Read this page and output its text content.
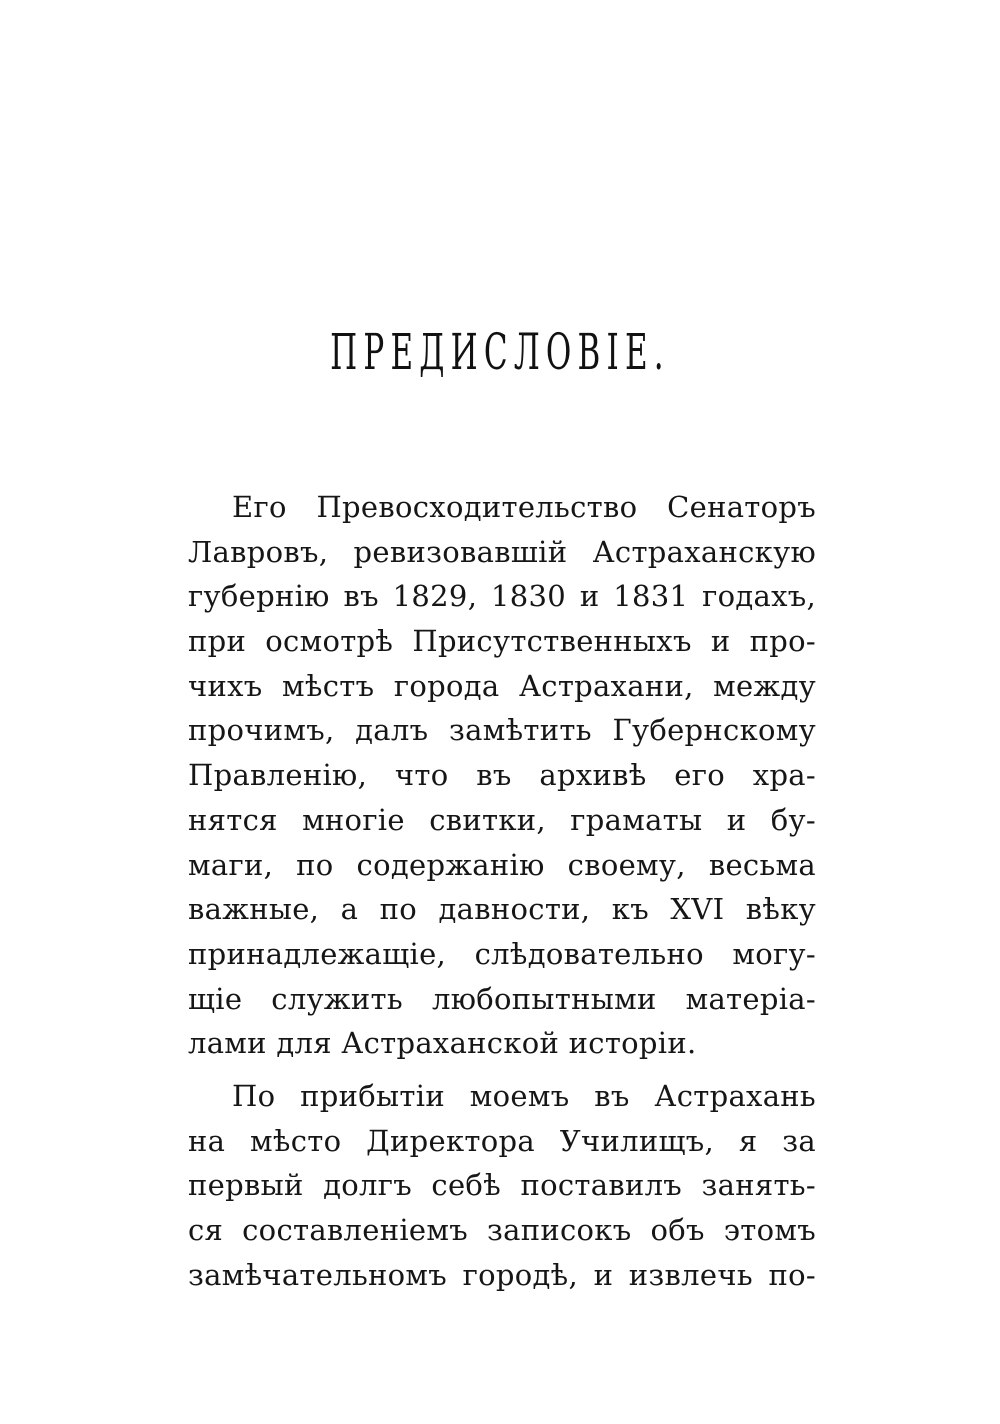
ПРЕДИСЛОВІЕ.
Его Превосходительство Сенаторъ
Лавровъ, ревизовавшій Астраханскую
губернію въ 1829, 1830 и 1831 годахъ,
при осмотрѣ Присутственныхъ и про-
чихъ мѣстъ города Астрахани, между
прочимъ, далъ замѣтить Губернскому
Правленію, что въ архивѣ его хра-
нятся многіе свитки, граматы и бу-
маги, по содержанію своему, весьма
важные, а по давности, къ XVI вѣку
принадлежащіе, слѣдовательно могу-
щіе служить любопытными матеріа-
лами для Астраханской исторіи.
По прибытіи моемъ въ Астрахань
на мѣсто Директора Училищъ, я за
первый долгъ себѣ поставилъ занять-
ся составленіемъ записокъ объ этомъ
замѣчательномъ городѣ, и извлечь по-
